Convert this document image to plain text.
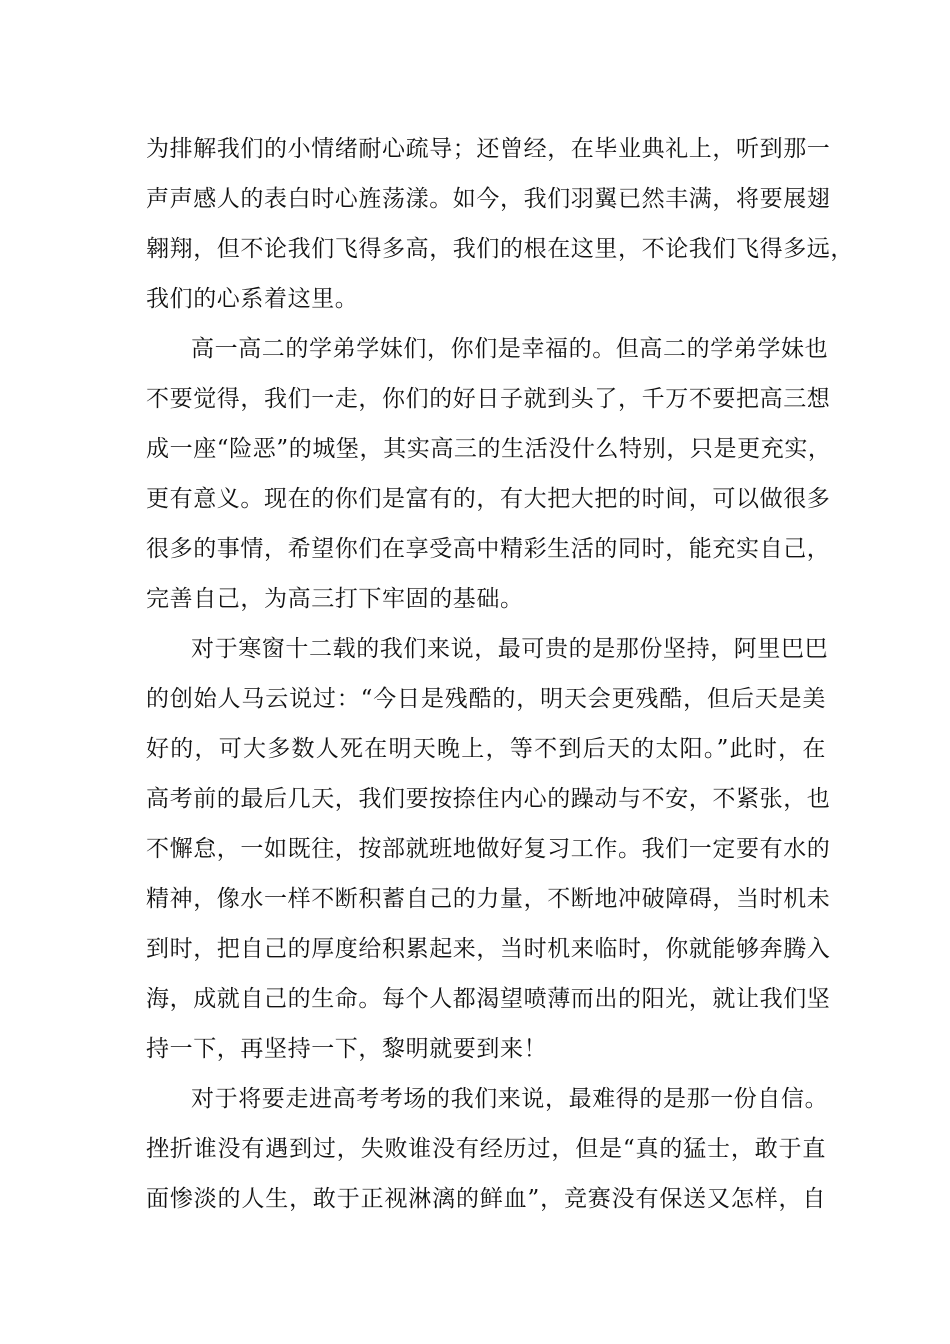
为排解我们的小情绪耐心疏导；还曾经，在毕业典礼上，听到那一
声声感人的表白时心旌荡漾。如今，我们羽翼已然丰满，将要展翅
翱翔，但不论我们飞得多高，我们的根在这里，不论我们飞得多远，
我们的心系着这里。
高一高二的学弟学妹们，你们是幸福的。但高二的学弟学妹也
不要觉得，我们一走，你们的好日子就到头了，千万不要把高三想
成一座“险恶”的城堡，其实高三的生活没什么特别，只是更充实，
更有意义。现在的你们是富有的，有大把大把的时间，可以做很多
很多的事情，希望你们在享受高中精彩生活的同时，能充实自己，
完善自己，为高三打下牢固的基础。
对于寒窗十二载的我们来说，最可贵的是那份坚持，阿里巴巴
的创始人马云说过：“今日是残酷的，明天会更残酷，但后天是美
好的，可大多数人死在明天晚上，等不到后天的太阳。”此时，在
高考前的最后几天，我们要按捺住内心的躁动与不安，不紧张，也
不懈怠，一如既往，按部就班地做好复习工作。我们一定要有水的
精神，像水一样不断积蓄自己的力量，不断地冲破障碍，当时机未
到时，把自己的厚度给积累起来，当时机来临时，你就能够奔腾入
海，成就自己的生命。每个人都渴望喷薄而出的阳光，就让我们坚
持一下，再坚持一下，黎明就要到来！
对于将要走进高考考场的我们来说，最难得的是那一份自信。
挫折谁没有遇到过，失败谁没有经历过，但是“真的猛士，敢于直
面惨淡的人生，敢于正视淋漓的鲜血”，竞赛没有保送又怎样，自
